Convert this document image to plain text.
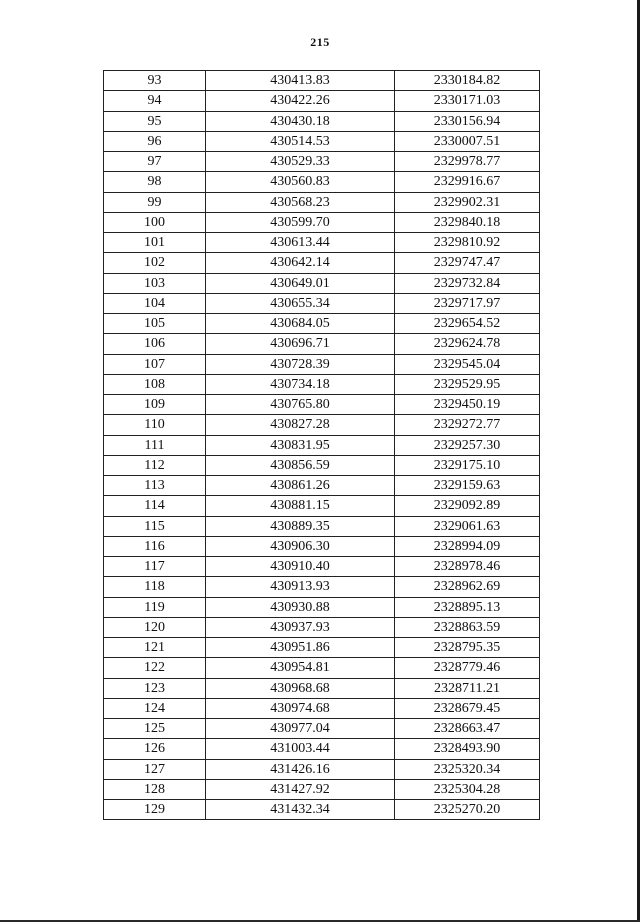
215
93	430413.83	2330184.82
94	430422.26	2330171.03
95	430430.18	2330156.94
96	430514.53	2330007.51
97	430529.33	2329978.77
98	430560.83	2329916.67
99	430568.23	2329902.31
100	430599.70	2329840.18
101	430613.44	2329810.92
102	430642.14	2329747.47
103	430649.01	2329732.84
104	430655.34	2329717.97
105	430684.05	2329654.52
106	430696.71	2329624.78
107	430728.39	2329545.04
108	430734.18	2329529.95
109	430765.80	2329450.19
110	430827.28	2329272.77
111	430831.95	2329257.30
112	430856.59	2329175.10
113	430861.26	2329159.63
114	430881.15	2329092.89
115	430889.35	2329061.63
116	430906.30	2328994.09
117	430910.40	2328978.46
118	430913.93	2328962.69
119	430930.88	2328895.13
120	430937.93	2328863.59
121	430951.86	2328795.35
122	430954.81	2328779.46
123	430968.68	2328711.21
124	430974.68	2328679.45
125	430977.04	2328663.47
126	431003.44	2328493.90
127	431426.16	2325320.34
128	431427.92	2325304.28
129	431432.34	2325270.20
